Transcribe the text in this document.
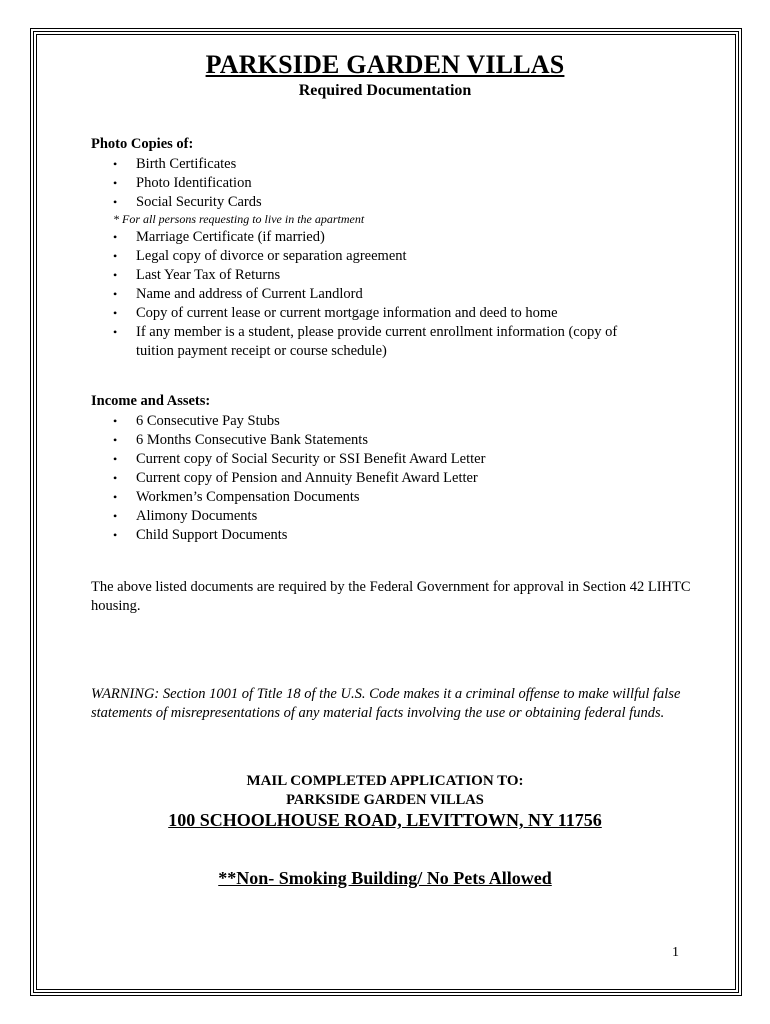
PARKSIDE GARDEN VILLAS
Required Documentation
Photo Copies of:
• Birth Certificates
• Photo Identification
• Social Security Cards
* For all persons requesting to live in the apartment
• Marriage Certificate (if married)
• Legal copy of divorce or separation agreement
• Last Year Tax of Returns
• Name and address of Current Landlord
• Copy of current lease or current mortgage information and deed to home
• If any member is a student, please provide current enrollment information (copy of tuition payment receipt or course schedule)
Income and Assets:
• 6 Consecutive Pay Stubs
• 6 Months Consecutive Bank Statements
• Current copy of Social Security or SSI Benefit Award Letter
• Current copy of Pension and Annuity Benefit Award Letter
• Workmen’s Compensation Documents
• Alimony Documents
• Child Support Documents
The above listed documents are required by the Federal Government for approval in Section 42 LIHTC housing.
WARNING: Section 1001 of Title 18 of the U.S. Code makes it a criminal offense to make willful false statements of misrepresentations of any material facts involving the use or obtaining federal funds.
MAIL COMPLETED APPLICATION TO:
PARKSIDE GARDEN VILLAS
100 SCHOOLHOUSE ROAD, LEVITTOWN, NY 11756
**Non- Smoking Building/ No Pets Allowed
1
